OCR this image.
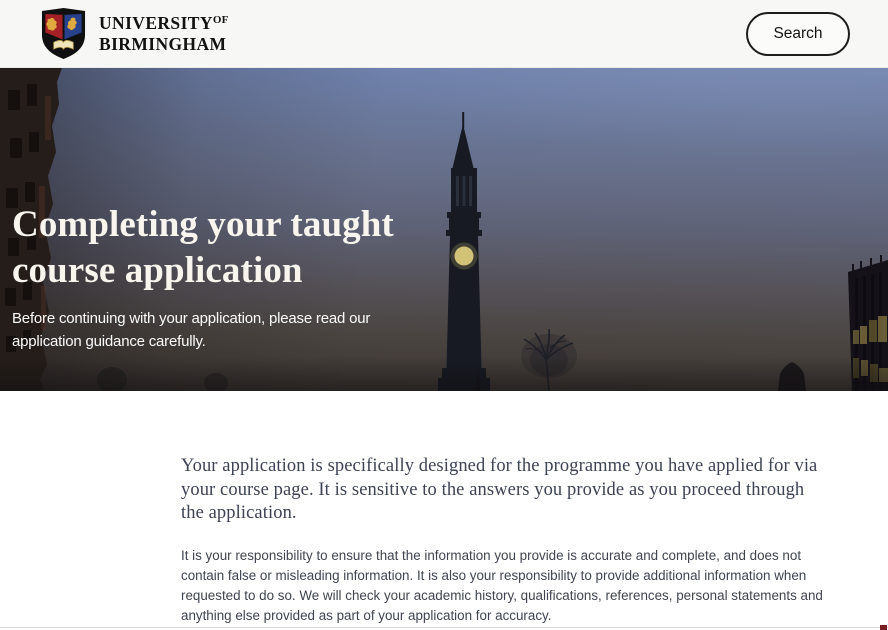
$UNIVERSITY^{OF}$
BIRMINGHAM
Search
Completing your taught course application

Before continuing with your application, please read our application guidance carefully.

Your application is specifically designed for the programme you have applied for via your course page. It is sensitive to the answers you provide as you proceed through the application.

It is your responsibility to ensure that the information you provide is accurate and complete, and does not contain false or misleading information. It is also your responsibility to provide additional information when requested to do so. We will check your academic history, qualifications, references, personal statements and anything else provided as part of your application for accuracy.
